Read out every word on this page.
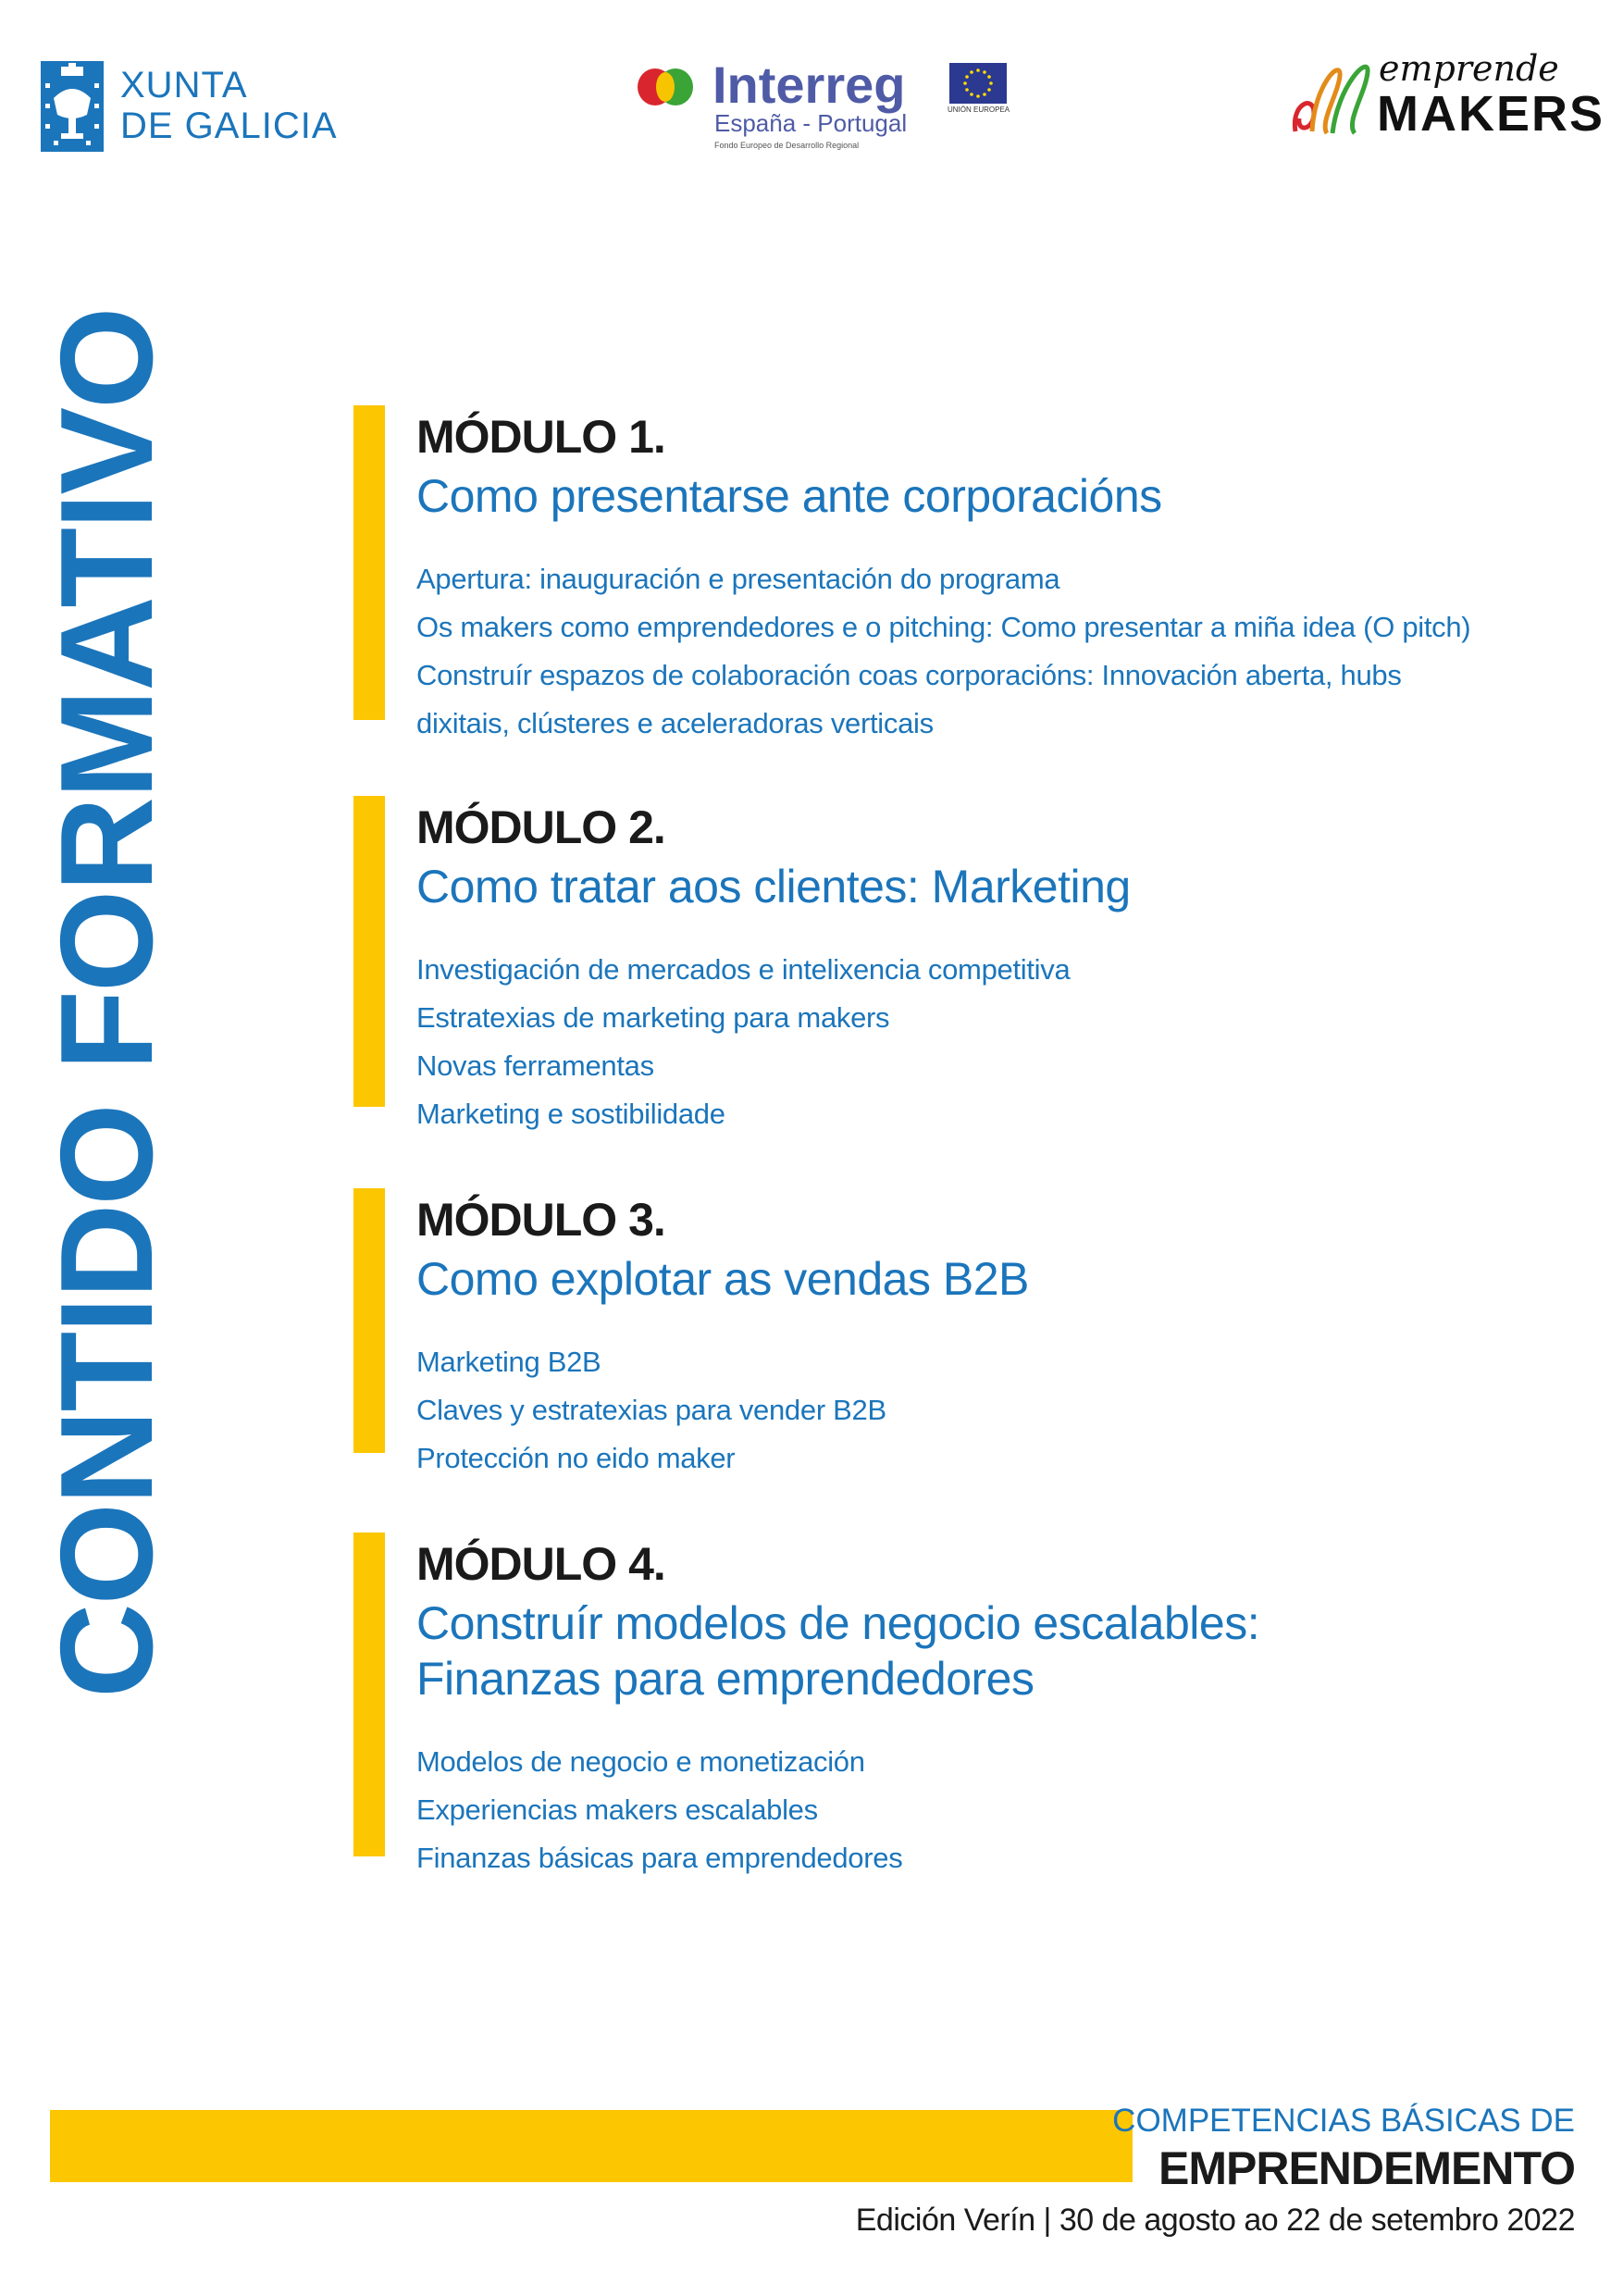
XUNTA
DE GALICIA
Interreg
España - Portugal
Fondo Europeo de Desarrollo Regional
UNIÓN EUROPEA
emprende
MAKERS
CONTIDO FORMATIVO	MÓDULO 1.
Como presentarse ante corporacións
Apertura: inauguración e presentación do programa
Os makers como emprendedores e o pitching: Como presentar a miña idea (O pitch)
Construír espazos de colaboración coas corporacións: Innovación aberta, hubs
dixitais, clústeres e aceleradoras verticais
MÓDULO 2.
Como tratar aos clientes: Marketing
Investigación de mercados e intelixencia competitiva
Estratexias de marketing para makers
Novas ferramentas
Marketing e sostibilidade
MÓDULO 3.
Como explotar as vendas B2B
Marketing B2B
Claves y estratexias para vender B2B
Protección no eido maker
MÓDULO 4.
Construír modelos de negocio escalables:
Finanzas para emprendedores
Modelos de negocio e monetización
Experiencias makers escalables
Finanzas básicas para emprendedores
COMPETENCIAS BÁSICAS DE
EMPRENDEMENTO
Edición Verín | 30 de agosto ao 22 de setembro 2022
